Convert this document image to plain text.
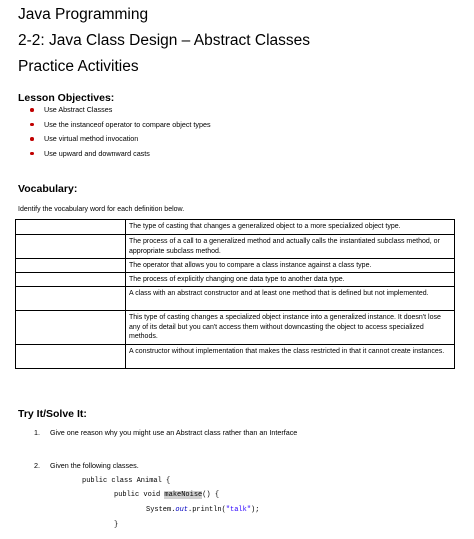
Java Programming
2-2: Java Class Design – Abstract Classes
Practice Activities
Lesson Objectives:
Use Abstract Classes
Use the instanceof operator to compare object types
Use virtual method invocation
Use upward and downward casts
Vocabulary:
Identify the vocabulary word for each definition below.
	The type of casting that changes a generalized object to a more specialized object type.
	The process of a call to a generalized method and actually calls the instantiated subclass method, or appropriate subclass method.
	The operator that allows you to compare a class instance against a class type.
	The process of explicitly changing one data type to another data type.
	A class with an abstract constructor and at least one method that is defined but not implemented.
	This type of casting changes a specialized object instance into a generalized instance. It doesn't lose any of its detail but you can't access them without downcasting the object to access specialized methods.
	A constructor without implementation that makes the class restricted in that it cannot create instances.
Try It/Solve It:
1. Give one reason why you might use an Abstract class rather than an Interface
2. Given the following classes.
public class Animal {
public void makeNoise() {
System.out.println("talk");
}
